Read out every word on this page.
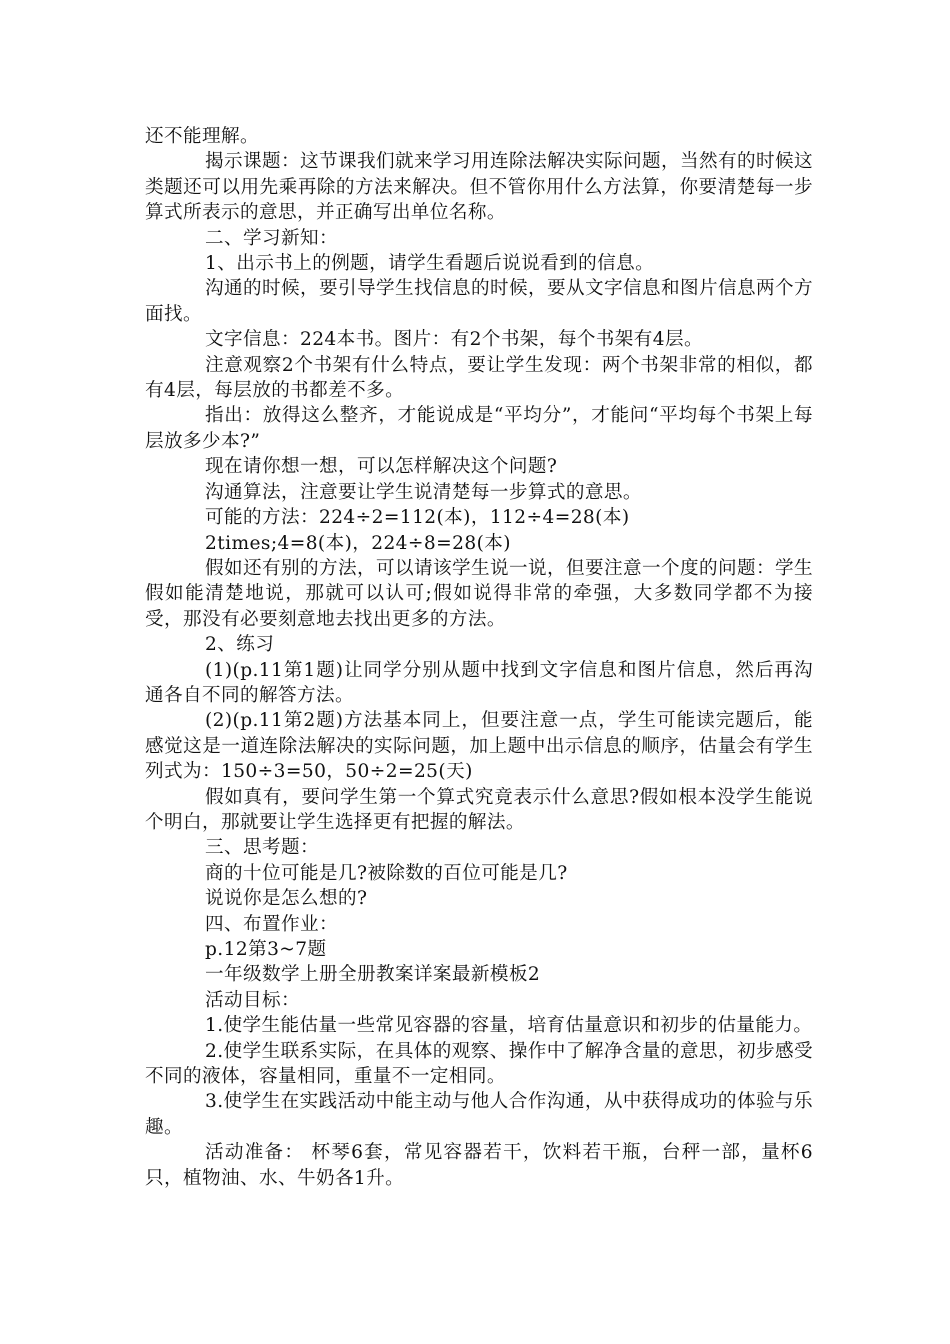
还不能理解。

揭示课题：这节课我们就来学习用连除法解决实际问题，当然有的时候这类题还可以用先乘再除的方法来解决。但不管你用什么方法算，你要清楚每一步算式所表示的意思，并正确写出单位名称。

二、学习新知：

1、出示书上的例题，请学生看题后说说看到的信息。

沟通的时候，要引导学生找信息的时候，要从文字信息和图片信息两个方面找。

文字信息：224本书。图片：有2个书架，每个书架有4层。

注意观察2个书架有什么特点，要让学生发现：两个书架非常的相似，都有4层，每层放的书都差不多。

指出：放得这么整齐，才能说成是“平均分”，才能问“平均每个书架上每层放多少本?”

现在请你想一想，可以怎样解决这个问题?

沟通算法，注意要让学生说清楚每一步算式的意思。

可能的方法：224÷2=112(本)，112÷4=28(本)

2times;4=8(本)，224÷8=28(本)

假如还有别的方法，可以请该学生说一说，但要注意一个度的问题：学生假如能清楚地说，那就可以认可;假如说得非常的牵强，大多数同学都不为接受，那没有必要刻意地去找出更多的方法。

2、练习

(1)(p.11第1题)让同学分别从题中找到文字信息和图片信息，然后再沟通各自不同的解答方法。

(2)(p.11第2题)方法基本同上，但要注意一点，学生可能读完题后，能感觉这是一道连除法解决的实际问题，加上题中出示信息的顺序，估量会有学生列式为：150÷3=50，50÷2=25(天)

假如真有，要问学生第一个算式究竟表示什么意思?假如根本没学生能说个明白，那就要让学生选择更有把握的解法。

三、思考题：

商的十位可能是几?被除数的百位可能是几?

说说你是怎么想的?

四、布置作业：

p.12第3~7题

一年级数学上册全册教案详案最新模板2

活动目标：

1.使学生能估量一些常见容器的容量，培育估量意识和初步的估量能力。

2.使学生联系实际，在具体的观察、操作中了解净含量的意思，初步感受不同的液体，容量相同，重量不一定相同。

3.使学生在实践活动中能主动与他人合作沟通，从中获得成功的体验与乐趣。

活动准备： 杯琴6套，常见容器若干，饮料若干瓶，台秤一部，量杯6只，植物油、水、牛奶各1升。
